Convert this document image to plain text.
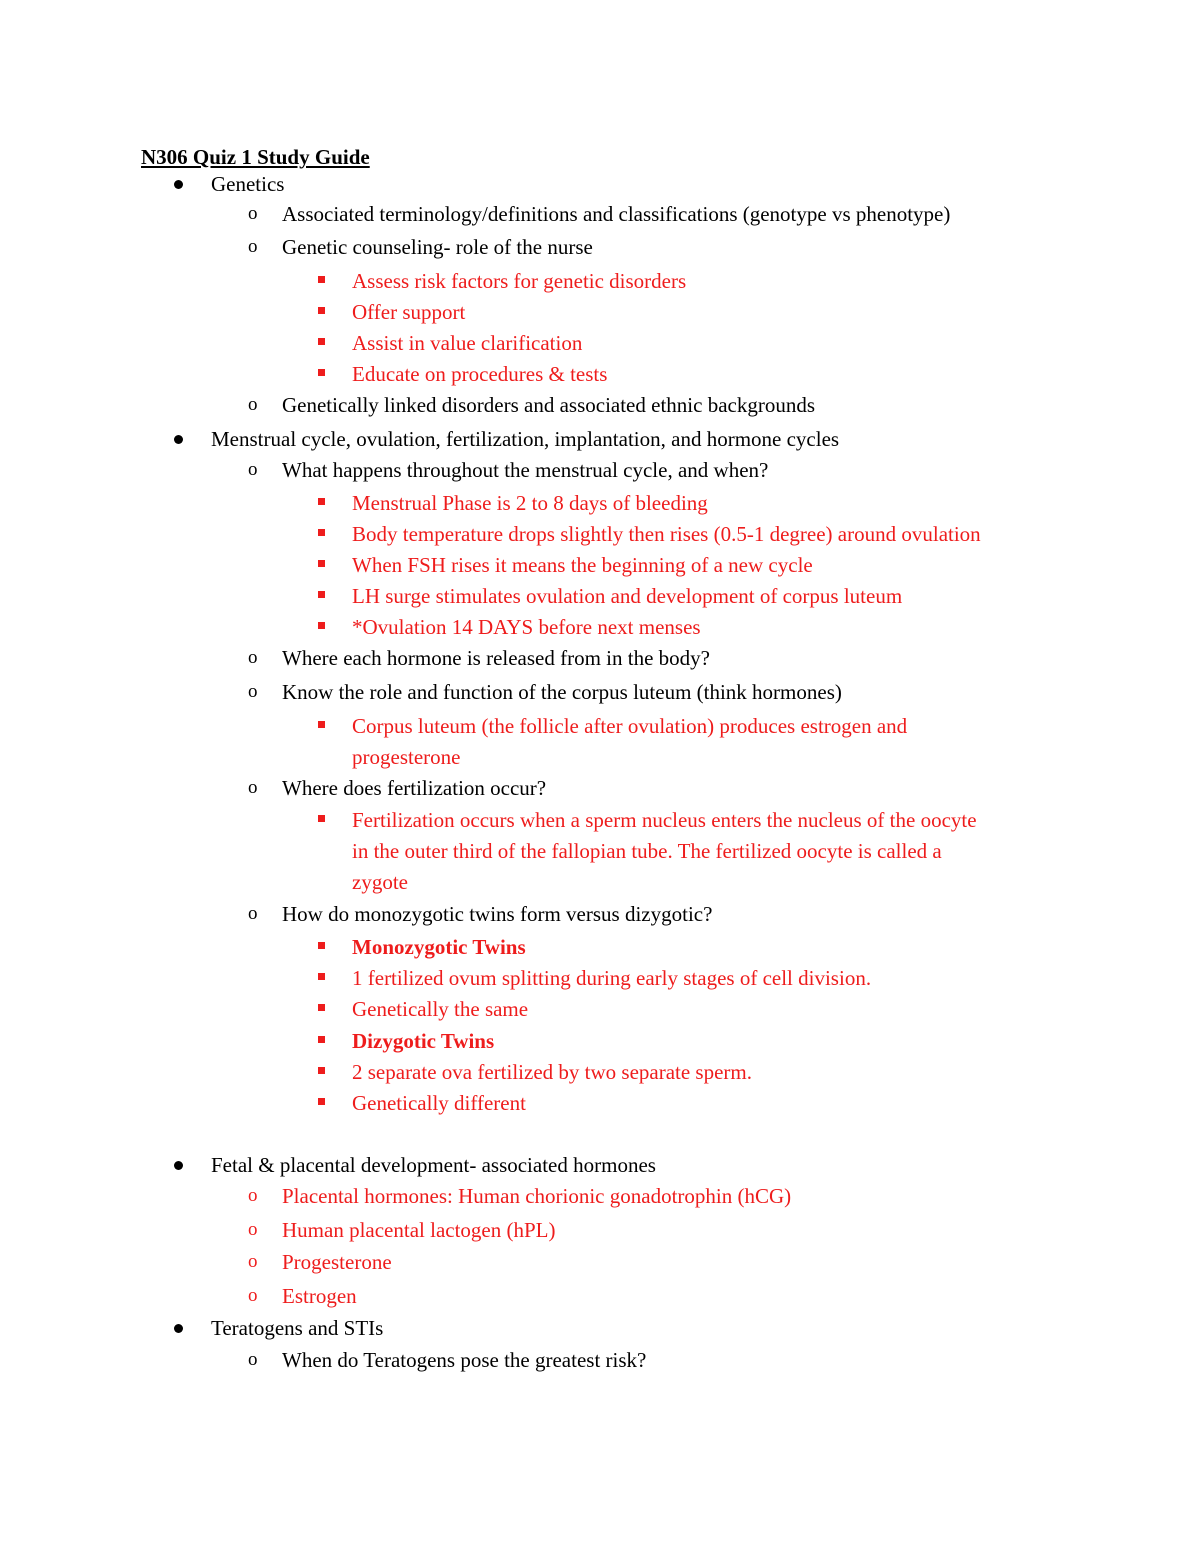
N306 Quiz 1 Study Guide
Genetics
o Associated terminology/definitions and classifications (genotype vs phenotype)
o Genetic counseling- role of the nurse
Assess risk factors for genetic disorders
Offer support
Assist in value clarification
Educate on procedures & tests
o Genetically linked disorders and associated ethnic backgrounds
Menstrual cycle, ovulation, fertilization, implantation, and hormone cycles
o What happens throughout the menstrual cycle, and when?
Menstrual Phase is 2 to 8 days of bleeding
Body temperature drops slightly then rises (0.5-1 degree) around ovulation
When FSH rises it means the beginning of a new cycle
LH surge stimulates ovulation and development of corpus luteum
*Ovulation 14 DAYS before next menses
o Where each hormone is released from in the body?
o Know the role and function of the corpus luteum (think hormones)
Corpus luteum (the follicle after ovulation) produces estrogen and
progesterone
o Where does fertilization occur?
Fertilization occurs when a sperm nucleus enters the nucleus of the oocyte
in the outer third of the fallopian tube. The fertilized oocyte is called a
zygote
o How do monozygotic twins form versus dizygotic?
Monozygotic Twins
1 fertilized ovum splitting during early stages of cell division.
Genetically the same
Dizygotic Twins
2 separate ova fertilized by two separate sperm.
Genetically different
Fetal & placental development- associated hormones
o Placental hormones: Human chorionic gonadotrophin (hCG)
o Human placental lactogen (hPL)
o Progesterone
o Estrogen
Teratogens and STIs
o When do Teratogens pose the greatest risk?
